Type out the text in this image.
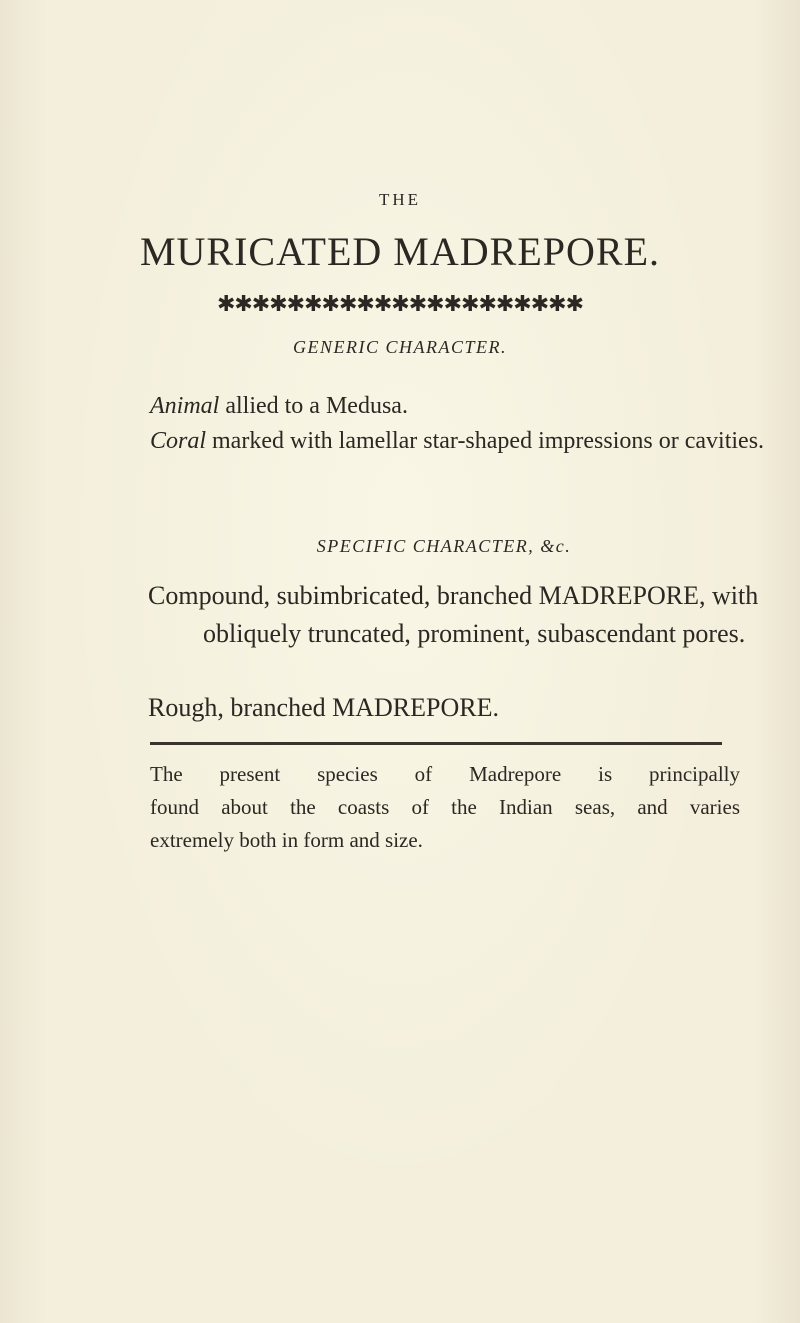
THE
MURICATED MADREPORE.
✱✱✱✱✱✱✱✱✱✱✱✱✱✱✱✱✱✱✱✱✱
GENERIC CHARACTER.
Animal allied to a Medusa.
Coral marked with lamellar star-shaped impressions or cavities.
SPECIFIC CHARACTER, &c.
Compound, subimbricated, branched MADREPORE, with obliquely truncated, prominent, subascendant pores.
Rough, branched MADREPORE.
The present species of Madrepore is principally
found about the coasts of the Indian seas, and varies
extremely both in form and size.
